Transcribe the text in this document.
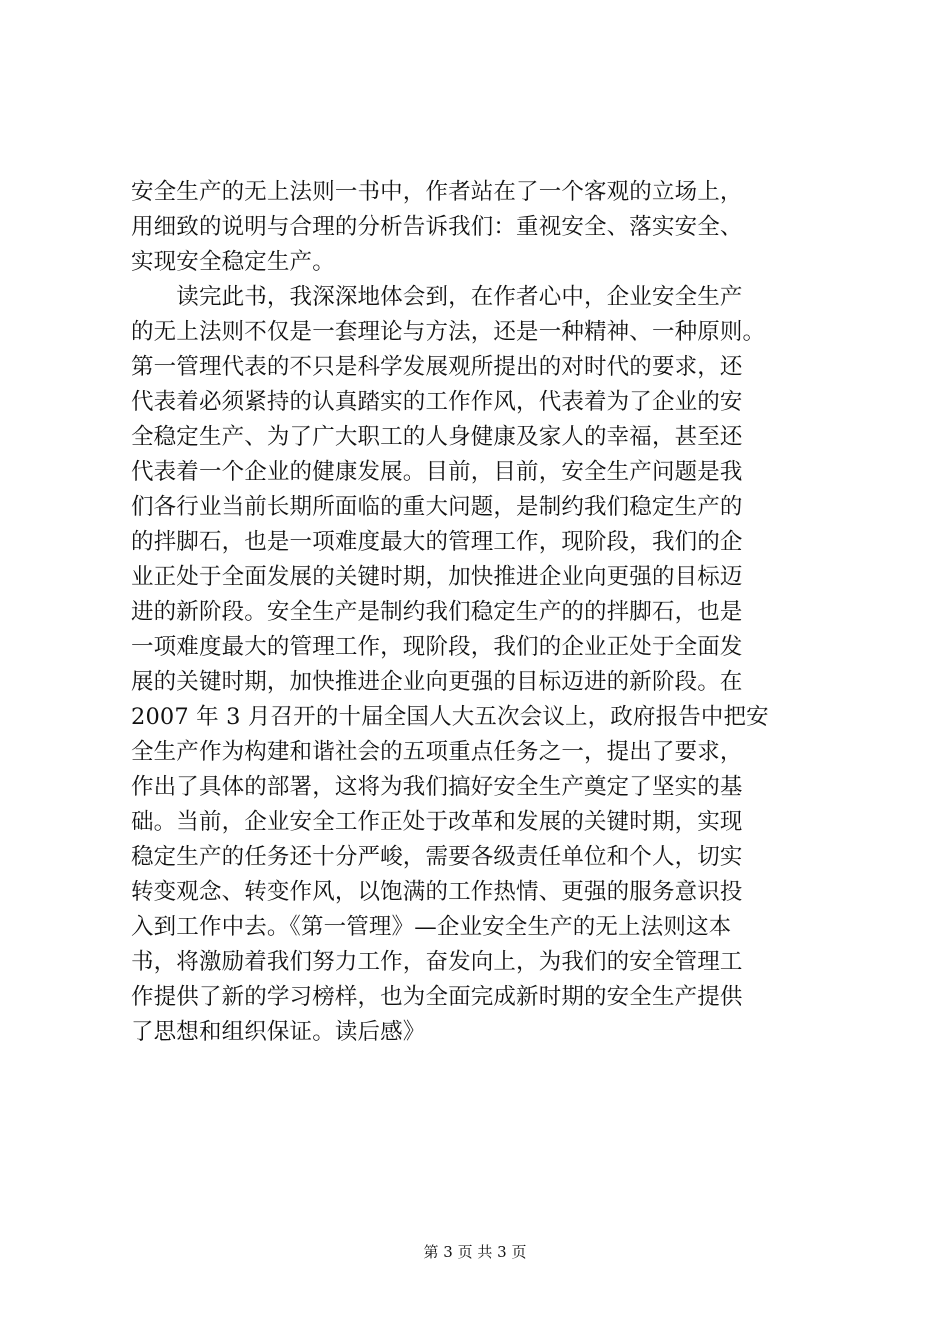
安全生产的无上法则一书中，作者站在了一个客观的立场上，
用细致的说明与合理的分析告诉我们：重视安全、落实安全、
实现安全稳定生产。
　　读完此书，我深深地体会到，在作者心中，企业安全生产
的无上法则不仅是一套理论与方法，还是一种精神、一种原则。
第一管理代表的不只是科学发展观所提出的对时代的要求，还
代表着必须紧持的认真踏实的工作作风，代表着为了企业的安
全稳定生产、为了广大职工的人身健康及家人的幸福，甚至还
代表着一个企业的健康发展。目前，目前，安全生产问题是我
们各行业当前长期所面临的重大问题，是制约我们稳定生产的
的拌脚石，也是一项难度最大的管理工作，现阶段，我们的企
业正处于全面发展的关键时期，加快推进企业向更强的目标迈
进的新阶段。安全生产是制约我们稳定生产的的拌脚石，也是
一项难度最大的管理工作，现阶段，我们的企业正处于全面发
展的关键时期，加快推进企业向更强的目标迈进的新阶段。在
2007 年 3 月召开的十届全国人大五次会议上，政府报告中把安
全生产作为构建和谐社会的五项重点任务之一，提出了要求，
作出了具体的部署，这将为我们搞好安全生产奠定了坚实的基
础。当前，企业安全工作正处于改革和发展的关键时期，实现
稳定生产的任务还十分严峻，需要各级责任单位和个人，切实
转变观念、转变作风，以饱满的工作热情、更强的服务意识投
入到工作中去。《第一管理》—企业安全生产的无上法则这本
书，将激励着我们努力工作，奋发向上，为我们的安全管理工
作提供了新的学习榜样，也为全面完成新时期的安全生产提供
了思想和组织保证。读后感》
第 3 页 共 3 页
